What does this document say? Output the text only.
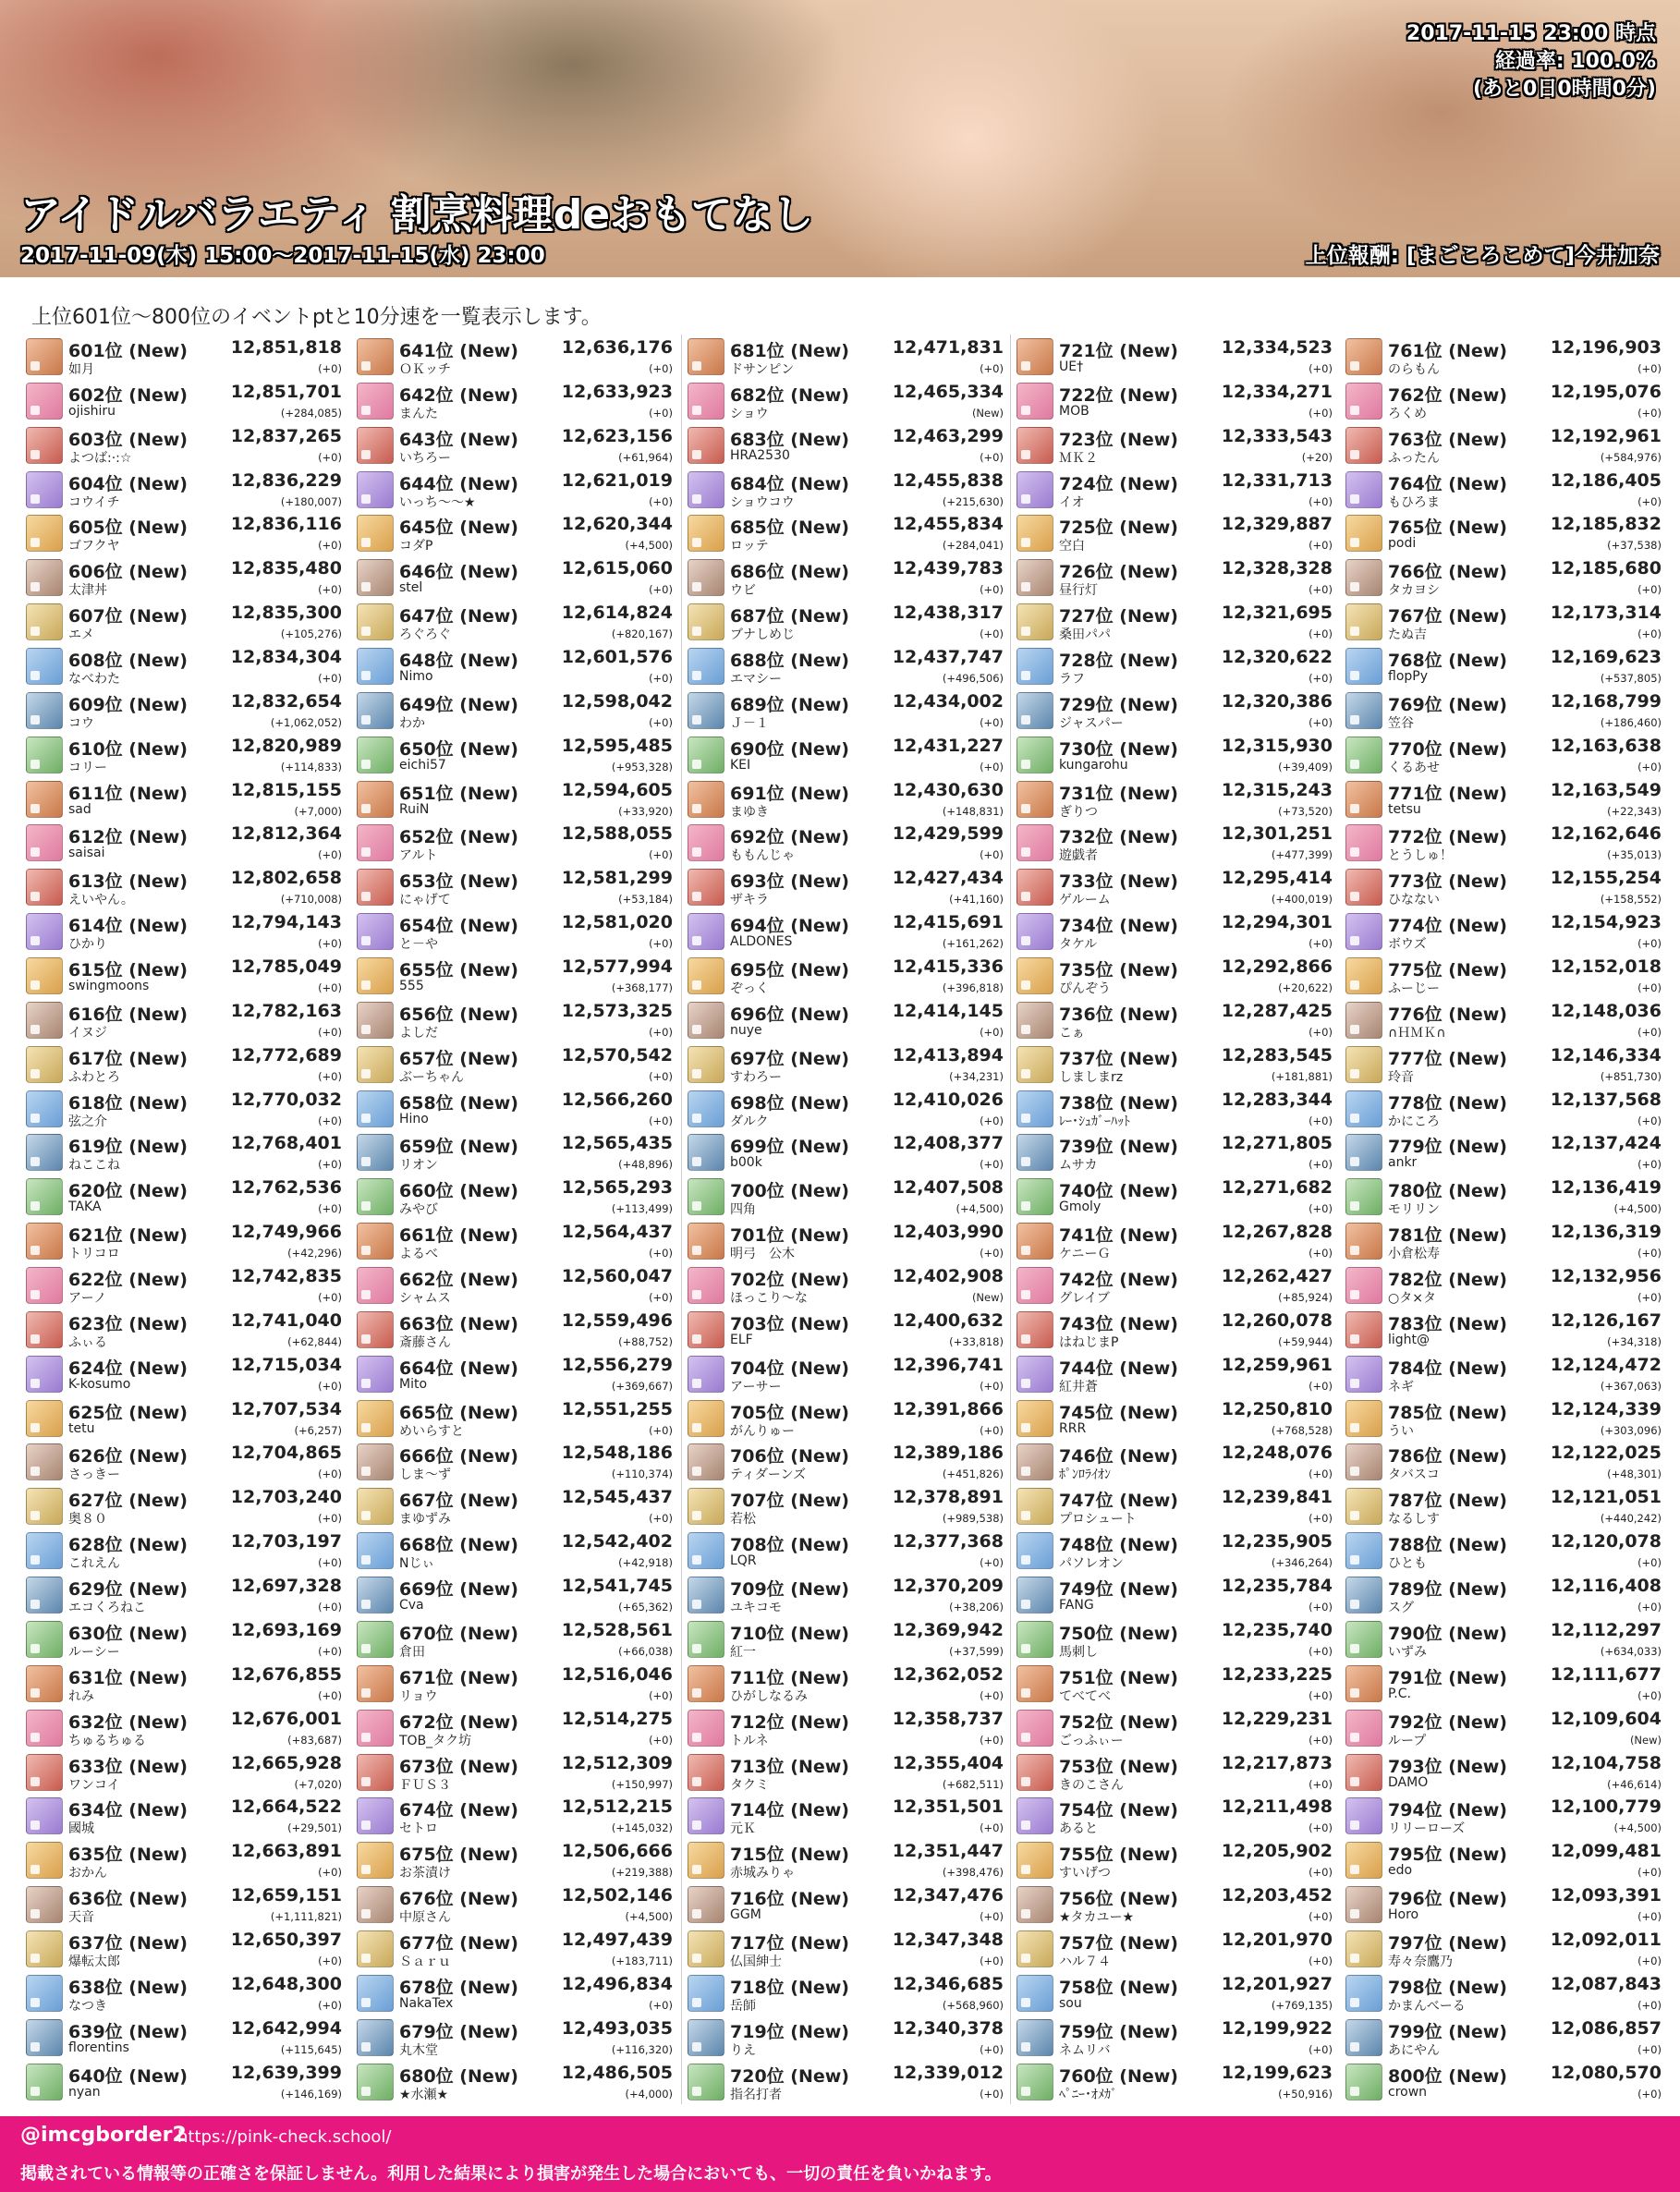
2017-11-15 23:00 時点
経過率: 100.0%
(あと0日0時間0分)
アイドルバラエティ 割烹料理deおもてなし
2017-11-09(木) 15:00～2017-11-15(水) 23:00	上位報酬: [まごころこめて]今井加奈
上位601位～800位のイベントptと10分速を一覧表示します。
601位 (New) 12,851,818
如月	(+0)
602位 (New) 12,851,701
ojishiru	(+284,085)
603位 (New) 12,837,265
よつば:·:☆	(+0)
604位 (New) 12,836,229
コウイチ	(+180,007)
605位 (New) 12,836,116
ゴフクヤ	(+0)
606位 (New) 12,835,480
太津丼	(+0)
607位 (New) 12,835,300
エメ	(+105,276)
608位 (New) 12,834,304
なべわた	(+0)
609位 (New) 12,832,654
コウ	(+1,062,052)
610位 (New) 12,820,989
コリー	(+114,833)
611位 (New) 12,815,155
sad	(+7,000)
612位 (New) 12,812,364
saisai	(+0)
613位 (New) 12,802,658
えいやん。	(+710,008)
614位 (New) 12,794,143
ひかり	(+0)
615位 (New) 12,785,049
swingmoons	(+0)
616位 (New) 12,782,163
イヌジ	(+0)
617位 (New) 12,772,689
ふわとろ	(+0)
618位 (New) 12,770,032
弦之介	(+0)
619位 (New) 12,768,401
ねここね	(+0)
620位 (New) 12,762,536
TAKA	(+0)
621位 (New) 12,749,966
トリコロ	(+42,296)
622位 (New) 12,742,835
アーノ	(+0)
623位 (New) 12,741,040
ふぃる	(+62,844)
624位 (New) 12,715,034
K-kosumo	(+0)
625位 (New) 12,707,534
tetu	(+6,257)
626位 (New) 12,704,865
さっきー	(+0)
627位 (New) 12,703,240
奥８０	(+0)
628位 (New) 12,703,197
これえん	(+0)
629位 (New) 12,697,328
エコくろねこ	(+0)
630位 (New) 12,693,169
ルーシー	(+0)
631位 (New) 12,676,855
れみ	(+0)
632位 (New) 12,676,001
ちゅるちゅる	(+83,687)
633位 (New) 12,665,928
ワンコイ	(+7,020)
634位 (New) 12,664,522
國城	(+29,501)
635位 (New) 12,663,891
おかん	(+0)
636位 (New) 12,659,151
天音	(+1,111,821)
637位 (New) 12,650,397
爆転太郎	(+0)
638位 (New) 12,648,300
なつき	(+0)
639位 (New) 12,642,994
florentins	(+115,645)
640位 (New) 12,639,399
nyan	(+146,169)
641位 (New) 12,636,176
ＯＫッチ	(+0)
642位 (New) 12,633,923
まんた	(+0)
643位 (New) 12,623,156
いちろー	(+61,964)
644位 (New) 12,621,019
いっち～～★	(+0)
645位 (New) 12,620,344
コダP	(+4,500)
646位 (New) 12,615,060
stel	(+0)
647位 (New) 12,614,824
ろぐろぐ	(+820,167)
648位 (New) 12,601,576
Nimo	(+0)
649位 (New) 12,598,042
わか	(+0)
650位 (New) 12,595,485
eichi57	(+953,328)
651位 (New) 12,594,605
RuiN	(+33,920)
652位 (New) 12,588,055
アルト	(+0)
653位 (New) 12,581,299
にゃげて	(+53,184)
654位 (New) 12,581,020
と－や	(+0)
655位 (New) 12,577,994
555	(+368,177)
656位 (New) 12,573,325
よしだ	(+0)
657位 (New) 12,570,542
ぶーちゃん	(+0)
658位 (New) 12,566,260
Hino	(+0)
659位 (New) 12,565,435
リオン	(+48,896)
660位 (New) 12,565,293
みやび	(+113,499)
661位 (New) 12,564,437
よるべ	(+0)
662位 (New) 12,560,047
シャムス	(+0)
663位 (New) 12,559,496
斎藤さん	(+88,752)
664位 (New) 12,556,279
Mito	(+369,667)
665位 (New) 12,551,255
めいらすと	(+0)
666位 (New) 12,548,186
しま～ず	(+110,374)
667位 (New) 12,545,437
まゆずみ	(+0)
668位 (New) 12,542,402
Nじぃ	(+42,918)
669位 (New) 12,541,745
Cva	(+65,362)
670位 (New) 12,528,561
倉田	(+66,038)
671位 (New) 12,516,046
リョウ	(+0)
672位 (New) 12,514,275
TOB_タク坊	(+0)
673位 (New) 12,512,309
ＦＵＳ３	(+150,997)
674位 (New) 12,512,215
セトロ	(+145,032)
675位 (New) 12,506,666
お茶漬け	(+219,388)
676位 (New) 12,502,146
中原さん	(+4,500)
677位 (New) 12,497,439
Ｓａｒｕ	(+183,711)
678位 (New) 12,496,834
NakaTex	(+0)
679位 (New) 12,493,035
丸木堂	(+116,320)
680位 (New) 12,486,505
★水瀬★	(+4,000)
681位 (New) 12,471,831
ドサンピン	(+0)
682位 (New) 12,465,334
ショウ	(New)
683位 (New) 12,463,299
HRA2530	(+0)
684位 (New) 12,455,838
ショウコウ	(+215,630)
685位 (New) 12,455,834
ロッテ	(+284,041)
686位 (New) 12,439,783
ウビ	(+0)
687位 (New) 12,438,317
ブナしめじ	(+0)
688位 (New) 12,437,747
エマシー	(+496,506)
689位 (New) 12,434,002
Ｊ－１	(+0)
690位 (New) 12,431,227
KEI	(+0)
691位 (New) 12,430,630
まゆき	(+148,831)
692位 (New) 12,429,599
ももんじゃ	(+0)
693位 (New) 12,427,434
ザキラ	(+41,160)
694位 (New) 12,415,691
ALDONES	(+161,262)
695位 (New) 12,415,336
ぞっく	(+396,818)
696位 (New) 12,414,145
nuye	(+0)
697位 (New) 12,413,894
すわろー	(+34,231)
698位 (New) 12,410,026
ダルク	(+0)
699位 (New) 12,408,377
b00k	(+0)
700位 (New) 12,407,508
四角	(+4,500)
701位 (New) 12,403,990
明弓　公木	(+0)
702位 (New) 12,402,908
ほっこり〜な	(New)
703位 (New) 12,400,632
ELF	(+33,818)
704位 (New) 12,396,741
アーサー	(+0)
705位 (New) 12,391,866
がんりゅー	(+0)
706位 (New) 12,389,186
ティダーンズ	(+451,826)
707位 (New) 12,378,891
若松	(+989,538)
708位 (New) 12,377,368
LQR	(+0)
709位 (New) 12,370,209
ユキコモ	(+38,206)
710位 (New) 12,369,942
紅一	(+37,599)
711位 (New) 12,362,052
ひがしなるみ	(+0)
712位 (New) 12,358,737
トルネ	(+0)
713位 (New) 12,355,404
タクミ	(+682,511)
714位 (New) 12,351,501
元Ｋ	(+0)
715位 (New) 12,351,447
赤城みりゃ	(+398,476)
716位 (New) 12,347,476
GGM	(+0)
717位 (New) 12,347,348
仏国紳士	(+0)
718位 (New) 12,346,685
岳師	(+568,960)
719位 (New) 12,340,378
りえ	(+0)
720位 (New) 12,339,012
指名打者	(+0)
721位 (New) 12,334,523
UE†	(+0)
722位 (New) 12,334,271
MOB	(+0)
723位 (New) 12,333,543
ＭＫ２	(+20)
724位 (New) 12,331,713
イオ	(+0)
725位 (New) 12,329,887
空白	(+0)
726位 (New) 12,328,328
昼行灯	(+0)
727位 (New) 12,321,695
桑田パパ	(+0)
728位 (New) 12,320,622
ラフ	(+0)
729位 (New) 12,320,386
ジャスパー	(+0)
730位 (New) 12,315,930
kungarohu	(+39,409)
731位 (New) 12,315,243
ぎりつ	(+73,520)
732位 (New) 12,301,251
遊戯者	(+477,399)
733位 (New) 12,295,414
ゲルーム	(+400,019)
734位 (New) 12,294,301
タケル	(+0)
735位 (New) 12,292,866
ぴんぞう	(+20,622)
736位 (New) 12,287,425
こぁ	(+0)
737位 (New) 12,283,545
しましまrz	(+181,881)
738位 (New) 12,283,344
ﾚｰ･ｼｭｶﾞｰﾊｯﾄ	(+0)
739位 (New) 12,271,805
ムサカ	(+0)
740位 (New) 12,271,682
Gmoly	(+0)
741位 (New) 12,267,828
ケニーＧ	(+0)
742位 (New) 12,262,427
グレイブ	(+85,924)
743位 (New) 12,260,078
はねじまP	(+59,944)
744位 (New) 12,259,961
紅井蒼	(+0)
745位 (New) 12,250,810
RRR	(+768,528)
746位 (New) 12,248,076
ﾎﾟﾝﾛﾗｲｵﾝ	(+0)
747位 (New) 12,239,841
プロシュート	(+0)
748位 (New) 12,235,905
パソレオン	(+346,264)
749位 (New) 12,235,784
FANG	(+0)
750位 (New) 12,235,740
馬刺し	(+0)
751位 (New) 12,233,225
てべてべ	(+0)
752位 (New) 12,229,231
ごっふぃー	(+0)
753位 (New) 12,217,873
きのこさん	(+0)
754位 (New) 12,211,498
あると	(+0)
755位 (New) 12,205,902
すいげつ	(+0)
756位 (New) 12,203,452
★タカユー★	(+0)
757位 (New) 12,201,970
ハル７４	(+0)
758位 (New) 12,201,927
sou	(+769,135)
759位 (New) 12,199,922
ネムリバ	(+0)
760位 (New) 12,199,623
ﾍﾟﾆｰ･ｵﾒｶﾞ	(+50,916)
761位 (New) 12,196,903
のらもん	(+0)
762位 (New) 12,195,076
ろくめ	(+0)
763位 (New) 12,192,961
ふったん	(+584,976)
764位 (New) 12,186,405
もひろま	(+0)
765位 (New) 12,185,832
podi	(+37,538)
766位 (New) 12,185,680
タカヨシ	(+0)
767位 (New) 12,173,314
たぬ吉	(+0)
768位 (New) 12,169,623
flopPy	(+537,805)
769位 (New) 12,168,799
笠谷	(+186,460)
770位 (New) 12,163,638
くるあせ	(+0)
771位 (New) 12,163,549
tetsu	(+22,343)
772位 (New) 12,162,646
とうしゅ！	(+35,013)
773位 (New) 12,155,254
ひなない	(+158,552)
774位 (New) 12,154,923
ボウズ	(+0)
775位 (New) 12,152,018
ふーじー	(+0)
776位 (New) 12,148,036
∩ＨＭＫ∩	(+0)
777位 (New) 12,146,334
玲音	(+851,730)
778位 (New) 12,137,568
かにころ	(+0)
779位 (New) 12,137,424
ankr	(+0)
780位 (New) 12,136,419
モリリン	(+4,500)
781位 (New) 12,136,319
小倉松寿	(+0)
782位 (New) 12,132,956
○タ×タ	(+0)
783位 (New) 12,126,167
light@	(+34,318)
784位 (New) 12,124,472
ネギ	(+367,063)
785位 (New) 12,124,339
うい	(+303,096)
786位 (New) 12,122,025
タバスコ	(+48,301)
787位 (New) 12,121,051
なるしす	(+440,242)
788位 (New) 12,120,078
ひとも	(+0)
789位 (New) 12,116,408
スグ	(+0)
790位 (New) 12,112,297
いずみ	(+634,033)
791位 (New) 12,111,677
P.C.	(+0)
792位 (New) 12,109,604
ループ	(New)
793位 (New) 12,104,758
DAMO	(+46,614)
794位 (New) 12,100,779
リリーローズ	(+4,500)
795位 (New) 12,099,481
edo	(+0)
796位 (New) 12,093,391
Horo	(+0)
797位 (New) 12,092,011
寿々奈鷹乃	(+0)
798位 (New) 12,087,843
かまんべーる	(+0)
799位 (New) 12,086,857
あにやん	(+0)
800位 (New) 12,080,570
crown	(+0)
@imcgborder2
https://pink-check.school/
掲載されている情報等の正確さを保証しません。利用した結果により損害が発生した場合においても、一切の責任を負いかねます。
